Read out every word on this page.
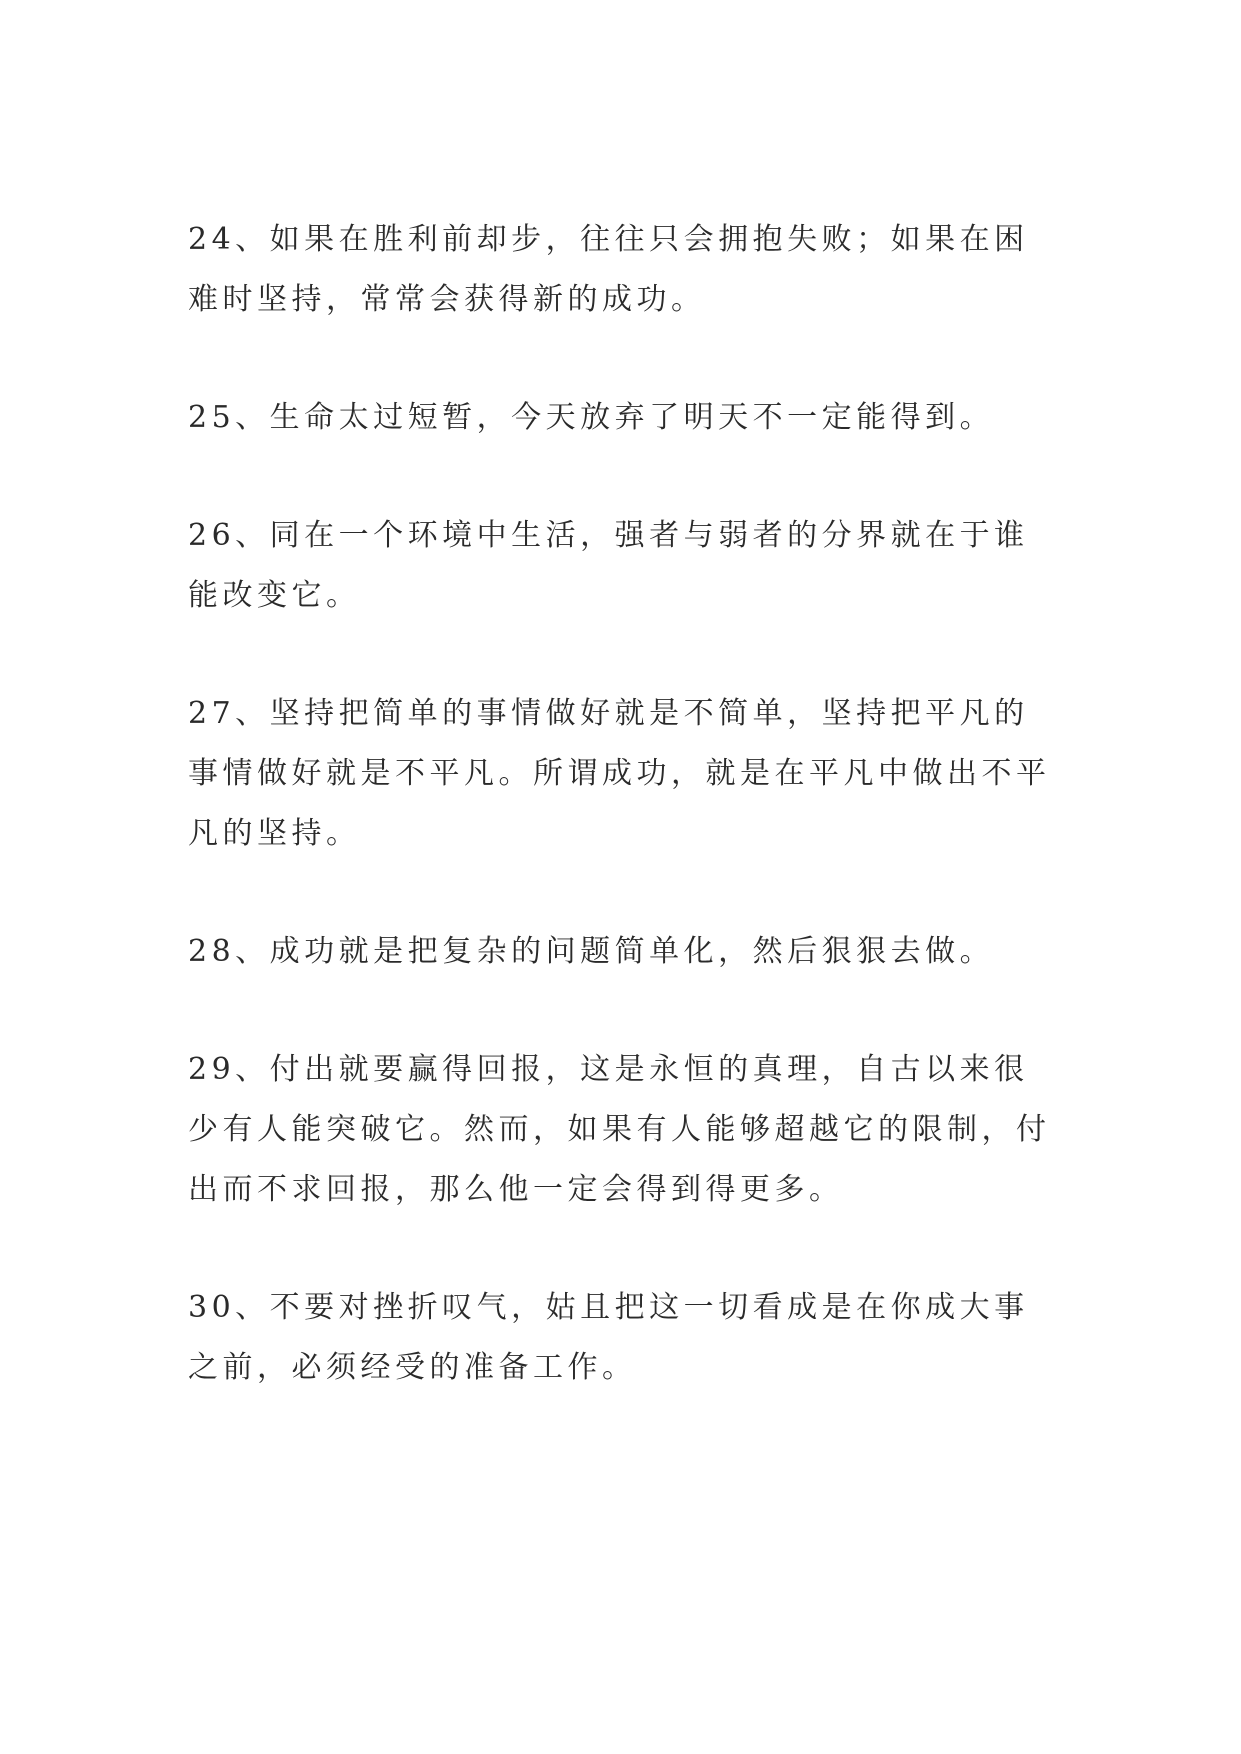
24、如果在胜利前却步，往往只会拥抱失败；如果在困难时坚持，常常会获得新的成功。

25、生命太过短暂，今天放弃了明天不一定能得到。

26、同在一个环境中生活，强者与弱者的分界就在于谁能改变它。

27、坚持把简单的事情做好就是不简单，坚持把平凡的事情做好就是不平凡。所谓成功，就是在平凡中做出不平凡的坚持。

28、成功就是把复杂的问题简单化，然后狠狠去做。

29、付出就要赢得回报，这是永恒的真理，自古以来很少有人能突破它。然而，如果有人能够超越它的限制，付出而不求回报，那么他一定会得到得更多。

30、不要对挫折叹气，姑且把这一切看成是在你成大事之前，必须经受的准备工作。
